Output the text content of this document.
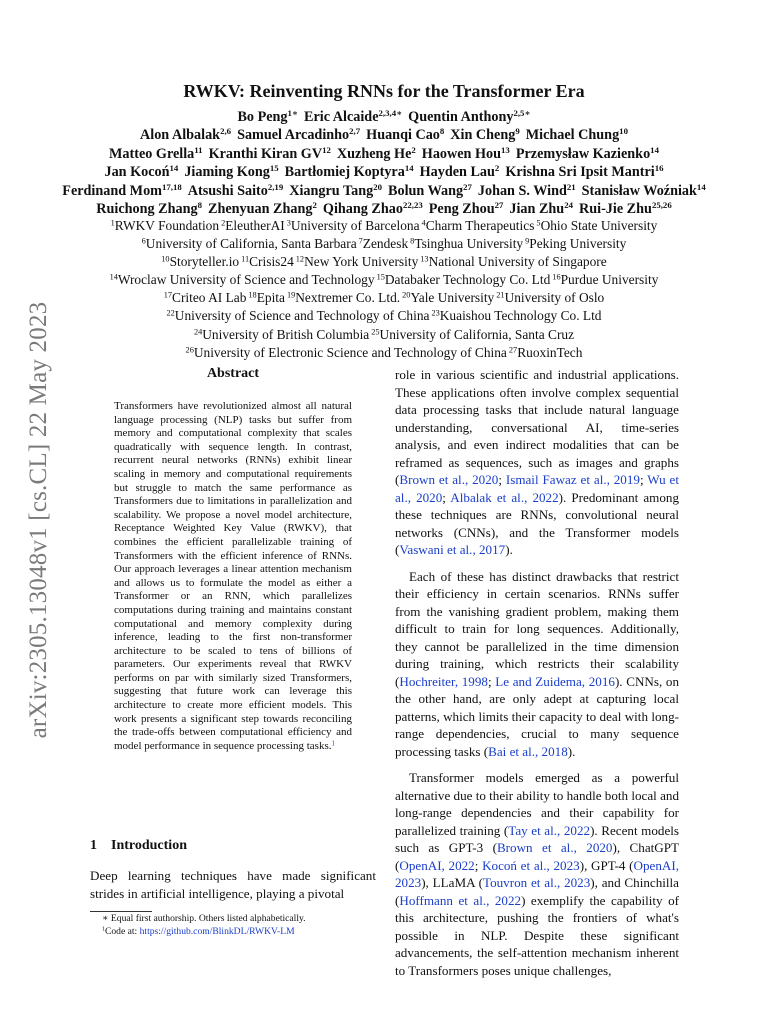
arXiv:2305.13048v1 [cs.CL] 22 May 2023
RWKV: Reinventing RNNs for the Transformer Era
Bo Peng$^{1∗}$ Eric Alcaide$^{2,3,4∗}$ Quentin Anthony$^{2,5∗}$
Alon Albalak$^{2,6}$ Samuel Arcadinho$^{2,7}$ Huanqi Cao$^8$ Xin Cheng$^9$ Michael Chung$^{10}$
Matteo Grella$^{11}$ Kranthi Kiran GV$^{12}$ Xuzheng He$^2$ Haowen Hou$^{13}$ Przemysław Kazienko$^{14}$
Jan Kocoń$^{14}$ Jiaming Kong$^{15}$ Bartłomiej Koptyra$^{14}$ Hayden Lau$^2$ Krishna Sri Ipsit Mantri$^{16}$
Ferdinand Mom$^{17,18}$ Atsushi Saito$^{2,19}$ Xiangru Tang$^{20}$ Bolun Wang$^{27}$ Johan S. Wind$^{21}$ Stanisław Woźniak$^{14}$
Ruichong Zhang$^8$ Zhenyuan Zhang$^2$ Qihang Zhao$^{22,23}$ Peng Zhou$^{27}$ Jian Zhu$^{24}$ Rui-Jie Zhu$^{25,26}$
$^1$RWKV Foundation $^2$EleutherAI $^3$University of Barcelona $^4$Charm Therapeutics $^5$Ohio State University
$^6$University of California, Santa Barbara $^7$Zendesk $^8$Tsinghua University $^9$Peking University
$^{10}$Storyteller.io $^{11}$Crisis24 $^{12}$New York University $^{13}$National University of Singapore
$^{14}$Wroclaw University of Science and Technology $^{15}$Databaker Technology Co. Ltd $^{16}$Purdue University
$^{17}$Criteo AI Lab $^{18}$Epita $^{19}$Nextremer Co. Ltd. $^{20}$Yale University $^{21}$University of Oslo
$^{22}$University of Science and Technology of China $^{23}$Kuaishou Technology Co. Ltd
$^{24}$University of British Columbia $^{25}$University of California, Santa Cruz
$^{26}$University of Electronic Science and Technology of China $^{27}$RuoxinTech
Abstract
Transformers have revolutionized almost all natural language processing (NLP) tasks but suffer from memory and computational complexity that scales quadratically with sequence length. In contrast, recurrent neural networks (RNNs) exhibit linear scaling in memory and computational requirements but struggle to match the same performance as Transformers due to limitations in parallelization and scalability. We propose a novel model architecture, Receptance Weighted Key Value (RWKV), that combines the efficient parallelizable training of Transformers with the efficient inference of RNNs. Our approach leverages a linear attention mechanism and allows us to formulate the model as either a Transformer or an RNN, which parallelizes computations during training and maintains constant computational and memory complexity during inference, leading to the first non-transformer architecture to be scaled to tens of billions of parameters. Our experiments reveal that RWKV performs on par with similarly sized Transformers, suggesting that future work can leverage this architecture to create more efficient models. This work presents a significant step towards reconciling the trade-offs between computational efficiency and model performance in sequence processing tasks.$^1$
1 Introduction

Deep learning techniques have made significant strides in artificial intelligence, playing a pivotal

∗ Equal first authorship. Others listed alphabetically.
$^1$Code at: https://github.com/BlinkDL/RWKV-LM

role in various scientific and industrial applications. These applications often involve complex sequential data processing tasks that include natural language understanding, conversational AI, time-series analysis, and even indirect modalities that can be reframed as sequences, such as images and graphs (Brown et al., 2020; Ismail Fawaz et al., 2019; Wu et al., 2020; Albalak et al., 2022). Predominant among these techniques are RNNs, convolutional neural networks (CNNs), and the Transformer models (Vaswani et al., 2017).

Each of these has distinct drawbacks that restrict their efficiency in certain scenarios. RNNs suffer from the vanishing gradient problem, making them difficult to train for long sequences. Additionally, they cannot be parallelized in the time dimension during training, which restricts their scalability (Hochreiter, 1998; Le and Zuidema, 2016). CNNs, on the other hand, are only adept at capturing local patterns, which limits their capacity to deal with long-range dependencies, crucial to many sequence processing tasks (Bai et al., 2018).

Transformer models emerged as a powerful alternative due to their ability to handle both local and long-range dependencies and their capability for parallelized training (Tay et al., 2022). Recent models such as GPT-3 (Brown et al., 2020), ChatGPT (OpenAI, 2022; Kocoń et al., 2023), GPT-4 (OpenAI, 2023), LLaMA (Touvron et al., 2023), and Chinchilla (Hoffmann et al., 2022) exemplify the capability of this architecture, pushing the frontiers of what's possible in NLP. Despite these significant advancements, the self-attention mechanism inherent to Transformers poses unique challenges,
